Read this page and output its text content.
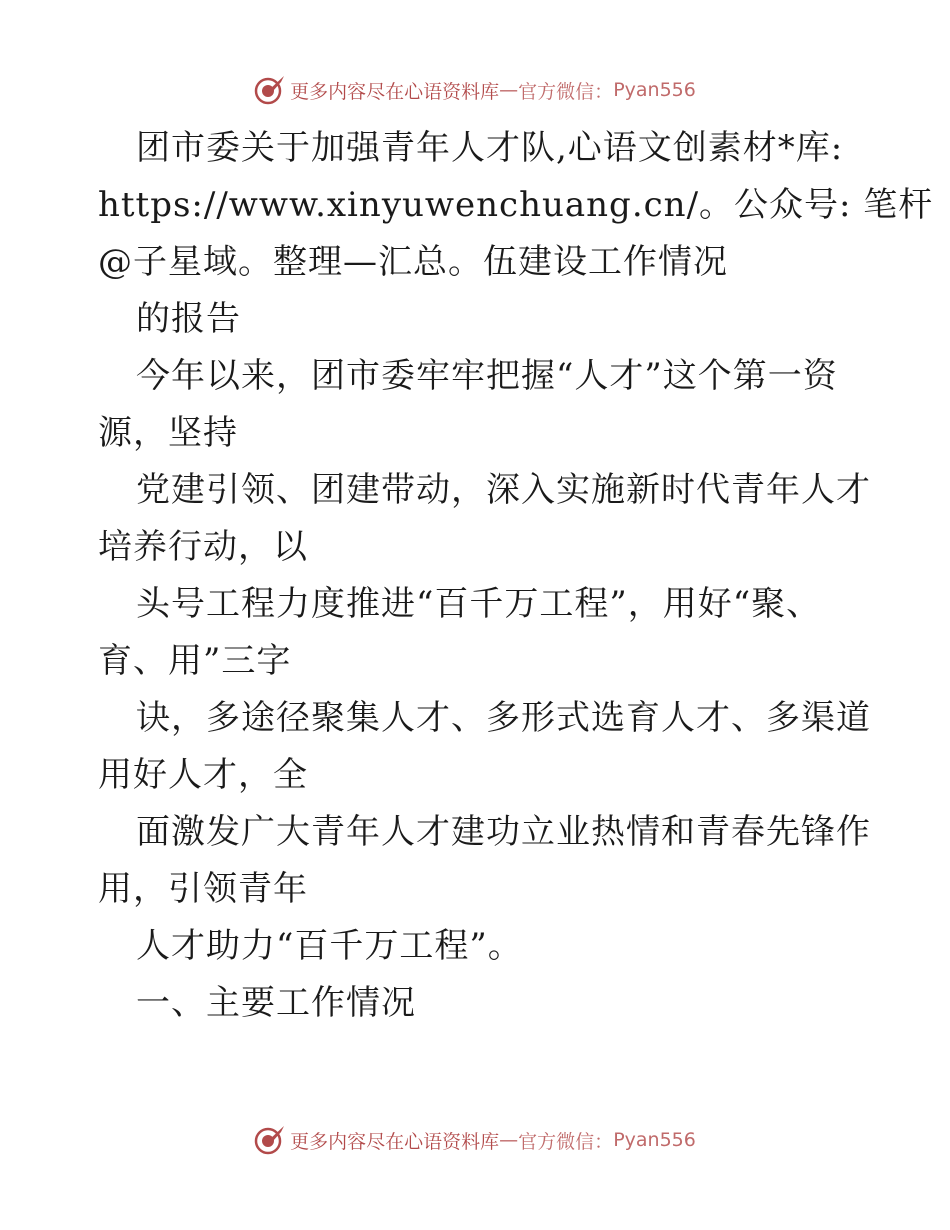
更多内容尽在心语资料库 — 官方微信： Pyan556
团市委关于加强青年人才队,心语文创素材*库:
https://www.xinyuwenchuang.cn/。公众号: 笔杆
@子星域。整理—汇总。伍建设工作情况
的报告
今年以来，团市委牢牢把握“人才”这个第一资
源，坚持
党建引领、团建带动，深入实施新时代青年人才
培养行动，以
头号工程力度推进“百千万工程”，用好“聚、
育、用”三字
诀，多途径聚集人才、多形式选育人才、多渠道
用好人才，全
面激发广大青年人才建功立业热情和青春先锋作
用，引领青年
人才助力“百千万工程”。
一、主要工作情况
更多内容尽在心语资料库 — 官方微信： Pyan556
